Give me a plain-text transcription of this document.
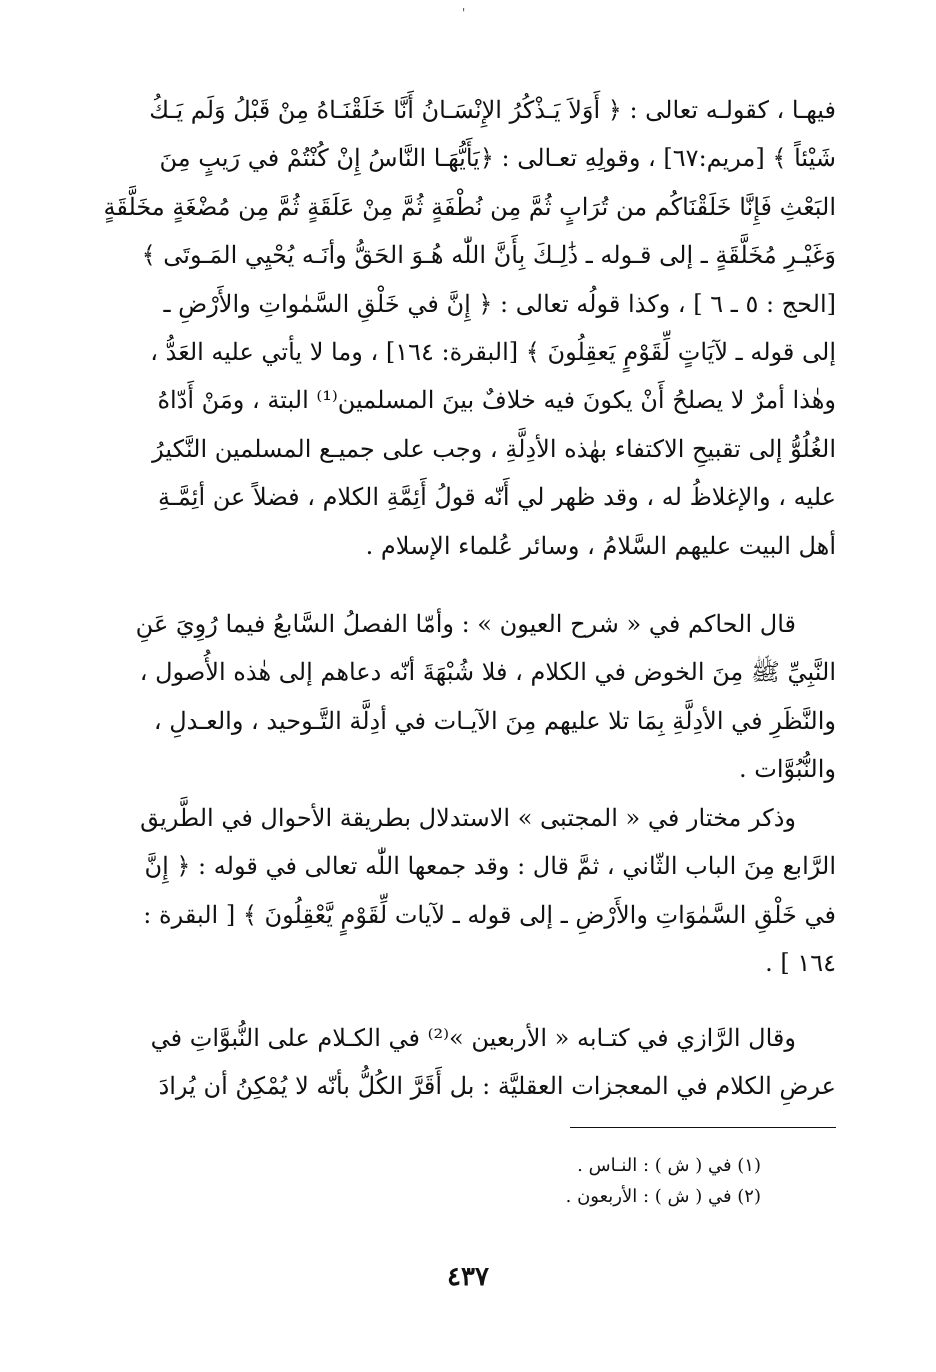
'
فيهـا ، كقولـه تعالى : ﴿ أَوَلاَ يَـذْكُرُ الإِنْسَـانُ أَنَّا خَلَقْنَـاهُ مِنْ قَبْلُ وَلَم يَـكُ
شَيْئاً ﴾ [مريم:٦٧] ، وقولِهِ تعـالى : ﴿يَأَيُّهَـا النَّاسُ إِنْ كُنْتُمْ في رَيبٍ مِنَ
البَعْثِ فَإِنَّا خَلَقْنَاكُم من تُرَابٍ ثُمَّ مِن نُطْفَةٍ ثُمَّ مِنْ عَلَقَةٍ ثُمَّ مِن مُضْغَةٍ مخَلَّقَةٍ
وَغَيْـرِ مُخَلَّقَةٍ ـ إلى قـوله ـ ذَٰلِـكَ بِأَنَّ اللّٰه هُـوَ الحَقُّ وأنَـه يُحْيِي المَـوتَى ﴾
[الحج : ٥ ـ ٦ ] ، وكذا قولُه تعالى : ﴿ إِنَّ في خَلْقِ السَّمٰواتِ والأَرْضِ ـ
إلى قوله ـ لآيَاتٍ لِّقَوْمٍ يَعقِلُونَ ﴾ [البقرة: ١٦٤] ، وما لا يأتي عليه العَدُّ ،
وهٰذا أمرٌ لا يصلحُ أَنْ يكونَ فيه خلافٌ بينَ المسلمين⁽¹⁾ البتة ، ومَنْ أَدّاهُ
الغُلُوُّ إلى تقبيحِ الاكتفاء بهٰذه الأدِلَّةِ ، وجب على جميـع المسلمين النَّكيرُ
عليه ، والإغلاظُ له ، وقد ظهر لي أَنّه قولُ أَئِمَّةِ الكلام ، فضلاً عن أئِمَّـةِ
أهل البيت عليهم السَّلامُ ، وسائر عُلماء الإسلام .
قال الحاكم في « شرح العيون » : وأمّا الفصلُ السَّابعُ فيما رُوِيَ عَنِ
النَّبِيِّ ﷺ مِنَ الخوض في الكلام ، فلا شُبْهَةَ أنّه دعاهم إلى هٰذه الأُصول ،
والنَّظَرِ في الأدِلَّةِ بِمَا تلا عليهم مِنَ الآيـات في أدِلَّة التَّـوحيد ، والعـدلِ ،
والنُّبُوَّات .
وذكر مختار في « المجتبى » الاستدلال بطريقة الأحوال في الطَّريق
الرَّابع مِنَ الباب الثّاني ، ثمَّ قال : وقد جمعها اللّٰه تعالى في قوله : ﴿ إِنَّ
في خَلْقِ السَّمٰوَاتِ والأَرْضِ ـ إلى قوله ـ لآيات لِّقَوْمٍ يَّعْقِلُونَ ﴾ [ البقرة :
١٦٤ ] .
وقال الرَّازي في كتـابه « الأربعين »⁽²⁾ في الكـلام على النُّبوَّاتِ في
عرضِ الكلام في المعجزات العقليَّة : بل أَقَرَّ الكُلُّ بأنّه لا يُمْكِنُ أن يُرادَ
(١) في ( ش ) : النـاس .
(٢) في ( ش ) : الأربعون .
٤٣٧
